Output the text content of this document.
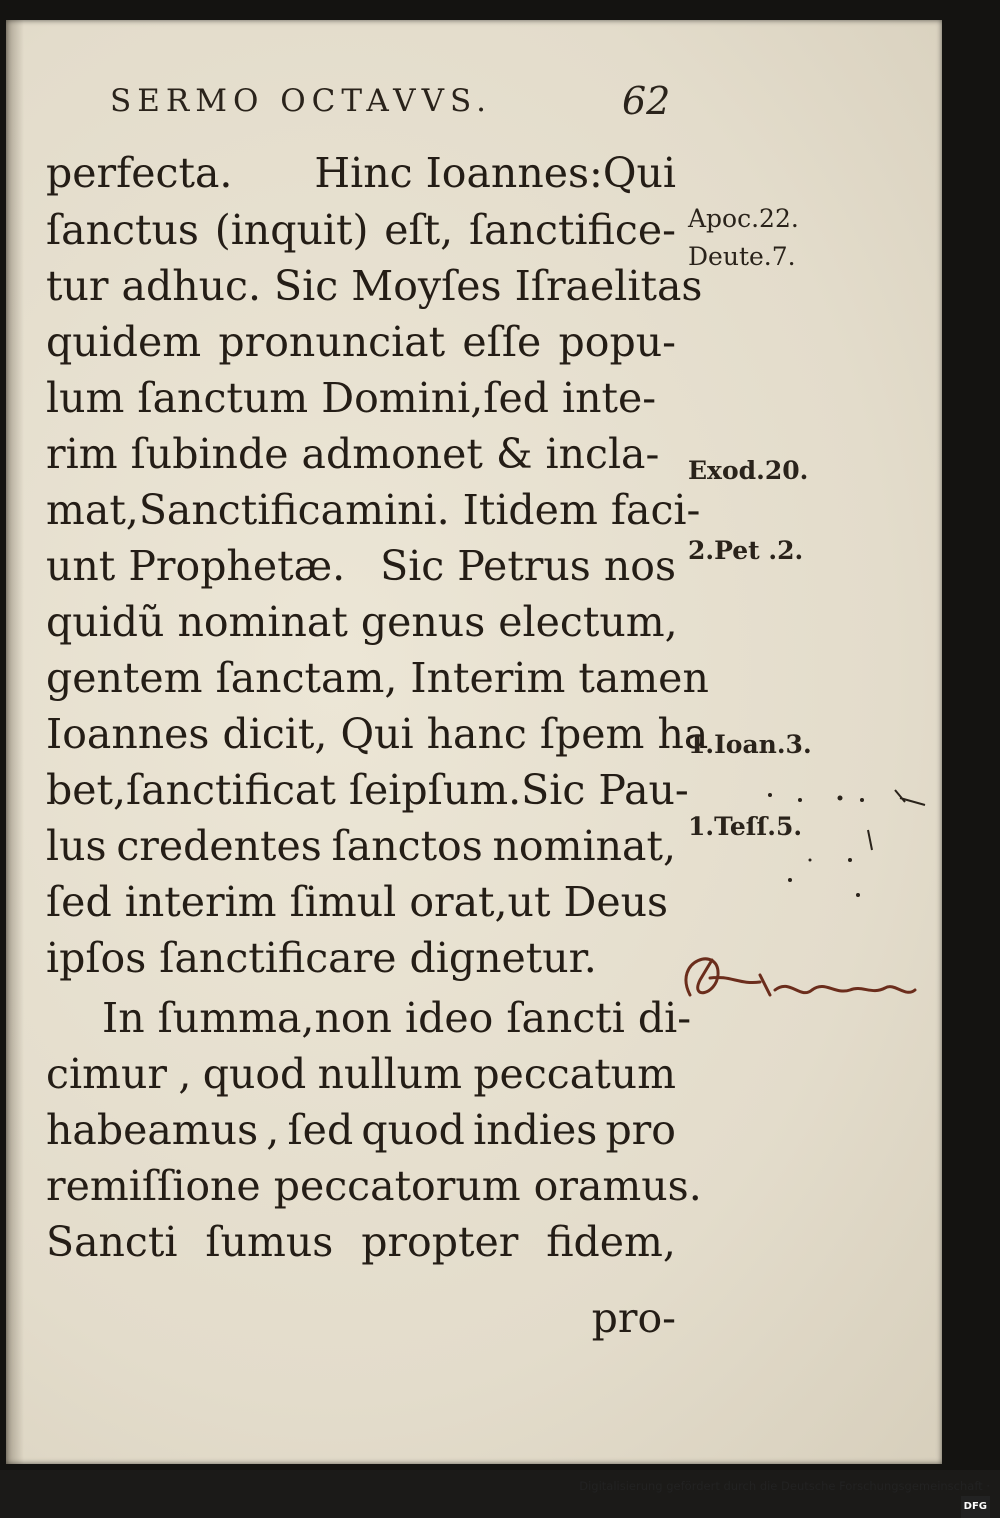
SERMO OCTAVVS.	62
perfecta. Hinc Ioannes:Qui
ſanctus (inquit) eſt, ſanctifice-
tur adhuc. Sic Moyſes Iſraelitas
quidem pronunciat eſſe popu-
lum ſanctum Domini,ſed inte-
rim ſubinde admonet & incla-
mat,Sanctificamini. Itidem faci-
unt Prophetæ. Sic Petrus nos
quidũ nominat genus electum,
gentem ſanctam, Interim tamen
Ioannes dicit, Qui hanc ſpem ha
bet,ſanctificat ſeipſum.Sic Pau-
lus credentes ſanctos nominat,
ſed interim ſimul orat,ut Deus
ipſos ſanctificare dignetur.
In ſumma,non ideo ſancti di-
cimur , quod nullum peccatum
habeamus , ſed quod indies pro
remiſſione peccatorum oramus.
Sancti ſumus propter fidem,
pro-
Apoc.22.
Deute.7.
Exod.20.
2.Pet .2.
1.Ioan.3.
1.Teſſ.5.
Digitalisierung gefördert durch die Deutsche Forschungsgemeinschaft · DFG
